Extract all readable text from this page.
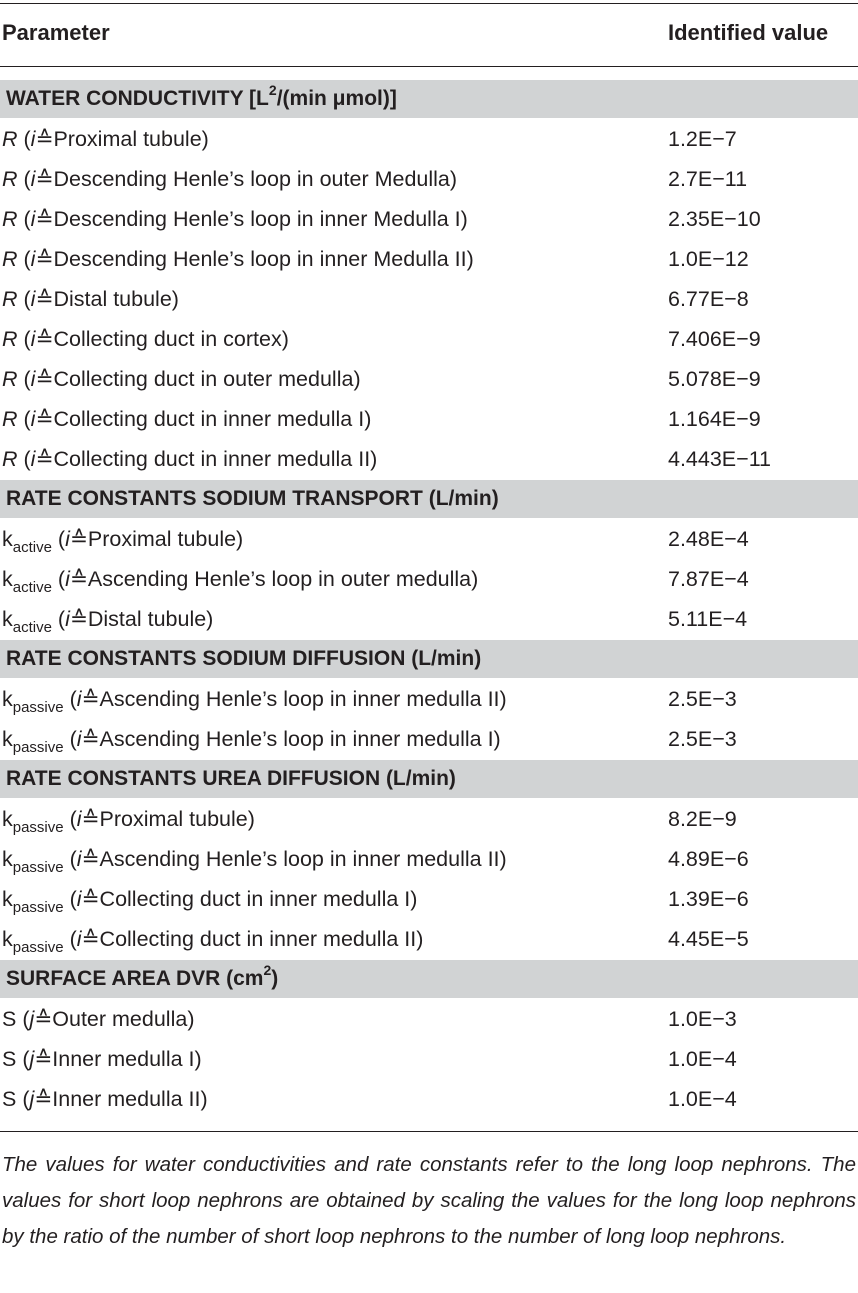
Parameter	Identified value
WATER CONDUCTIVITY [$L^2/(\min$ μmol)]
R (i≙Proximal tubule)	1.2E−7
R (i≙Descending Henle’s loop in outer Medulla)	2.7E−11
R (i≙Descending Henle’s loop in inner Medulla I)	2.35E−10
R (i≙Descending Henle’s loop in inner Medulla II)	1.0E−12
R (i≙Distal tubule)	6.77E−8
R (i≙Collecting duct in cortex)	7.406E−9
R (i≙Collecting duct in outer medulla)	5.078E−9
R (i≙Collecting duct in inner medulla I)	1.164E−9
R (i≙Collecting duct in inner medulla II)	4.443E−11
RATE CONSTANTS SODIUM TRANSPORT (L/min)
$k_{active}$ (i≙Proximal tubule)	2.48E−4
$k_{active}$ (i≙Ascending Henle’s loop in outer medulla)	7.87E−4
$k_{active}$ (i≙Distal tubule)	5.11E−4
RATE CONSTANTS SODIUM DIFFUSION (L/min)
$k_{passive}$ (i≙Ascending Henle’s loop in inner medulla II)	2.5E−3
$k_{passive}$ (i≙Ascending Henle’s loop in inner medulla I)	2.5E−3
RATE CONSTANTS UREA DIFFUSION (L/min)
$k_{passive}$ (i≙Proximal tubule)	8.2E−9
$k_{passive}$ (i≙Ascending Henle’s loop in inner medulla II)	4.89E−6
$k_{passive}$ (i≙Collecting duct in inner medulla I)	1.39E−6
$k_{passive}$ (i≙Collecting duct in inner medulla II)	4.45E−5
SURFACE AREA DVR $(cm^2)$
S (j≙Outer medulla)	1.0E−3
S (j≙Inner medulla I)	1.0E−4
S (j≙Inner medulla II)	1.0E−4
The values for water conductivities and rate constants refer to the long loop nephrons. The values for short loop nephrons are obtained by scaling the values for the long loop nephrons by the ratio of the number of short loop nephrons to the number of long loop nephrons.
